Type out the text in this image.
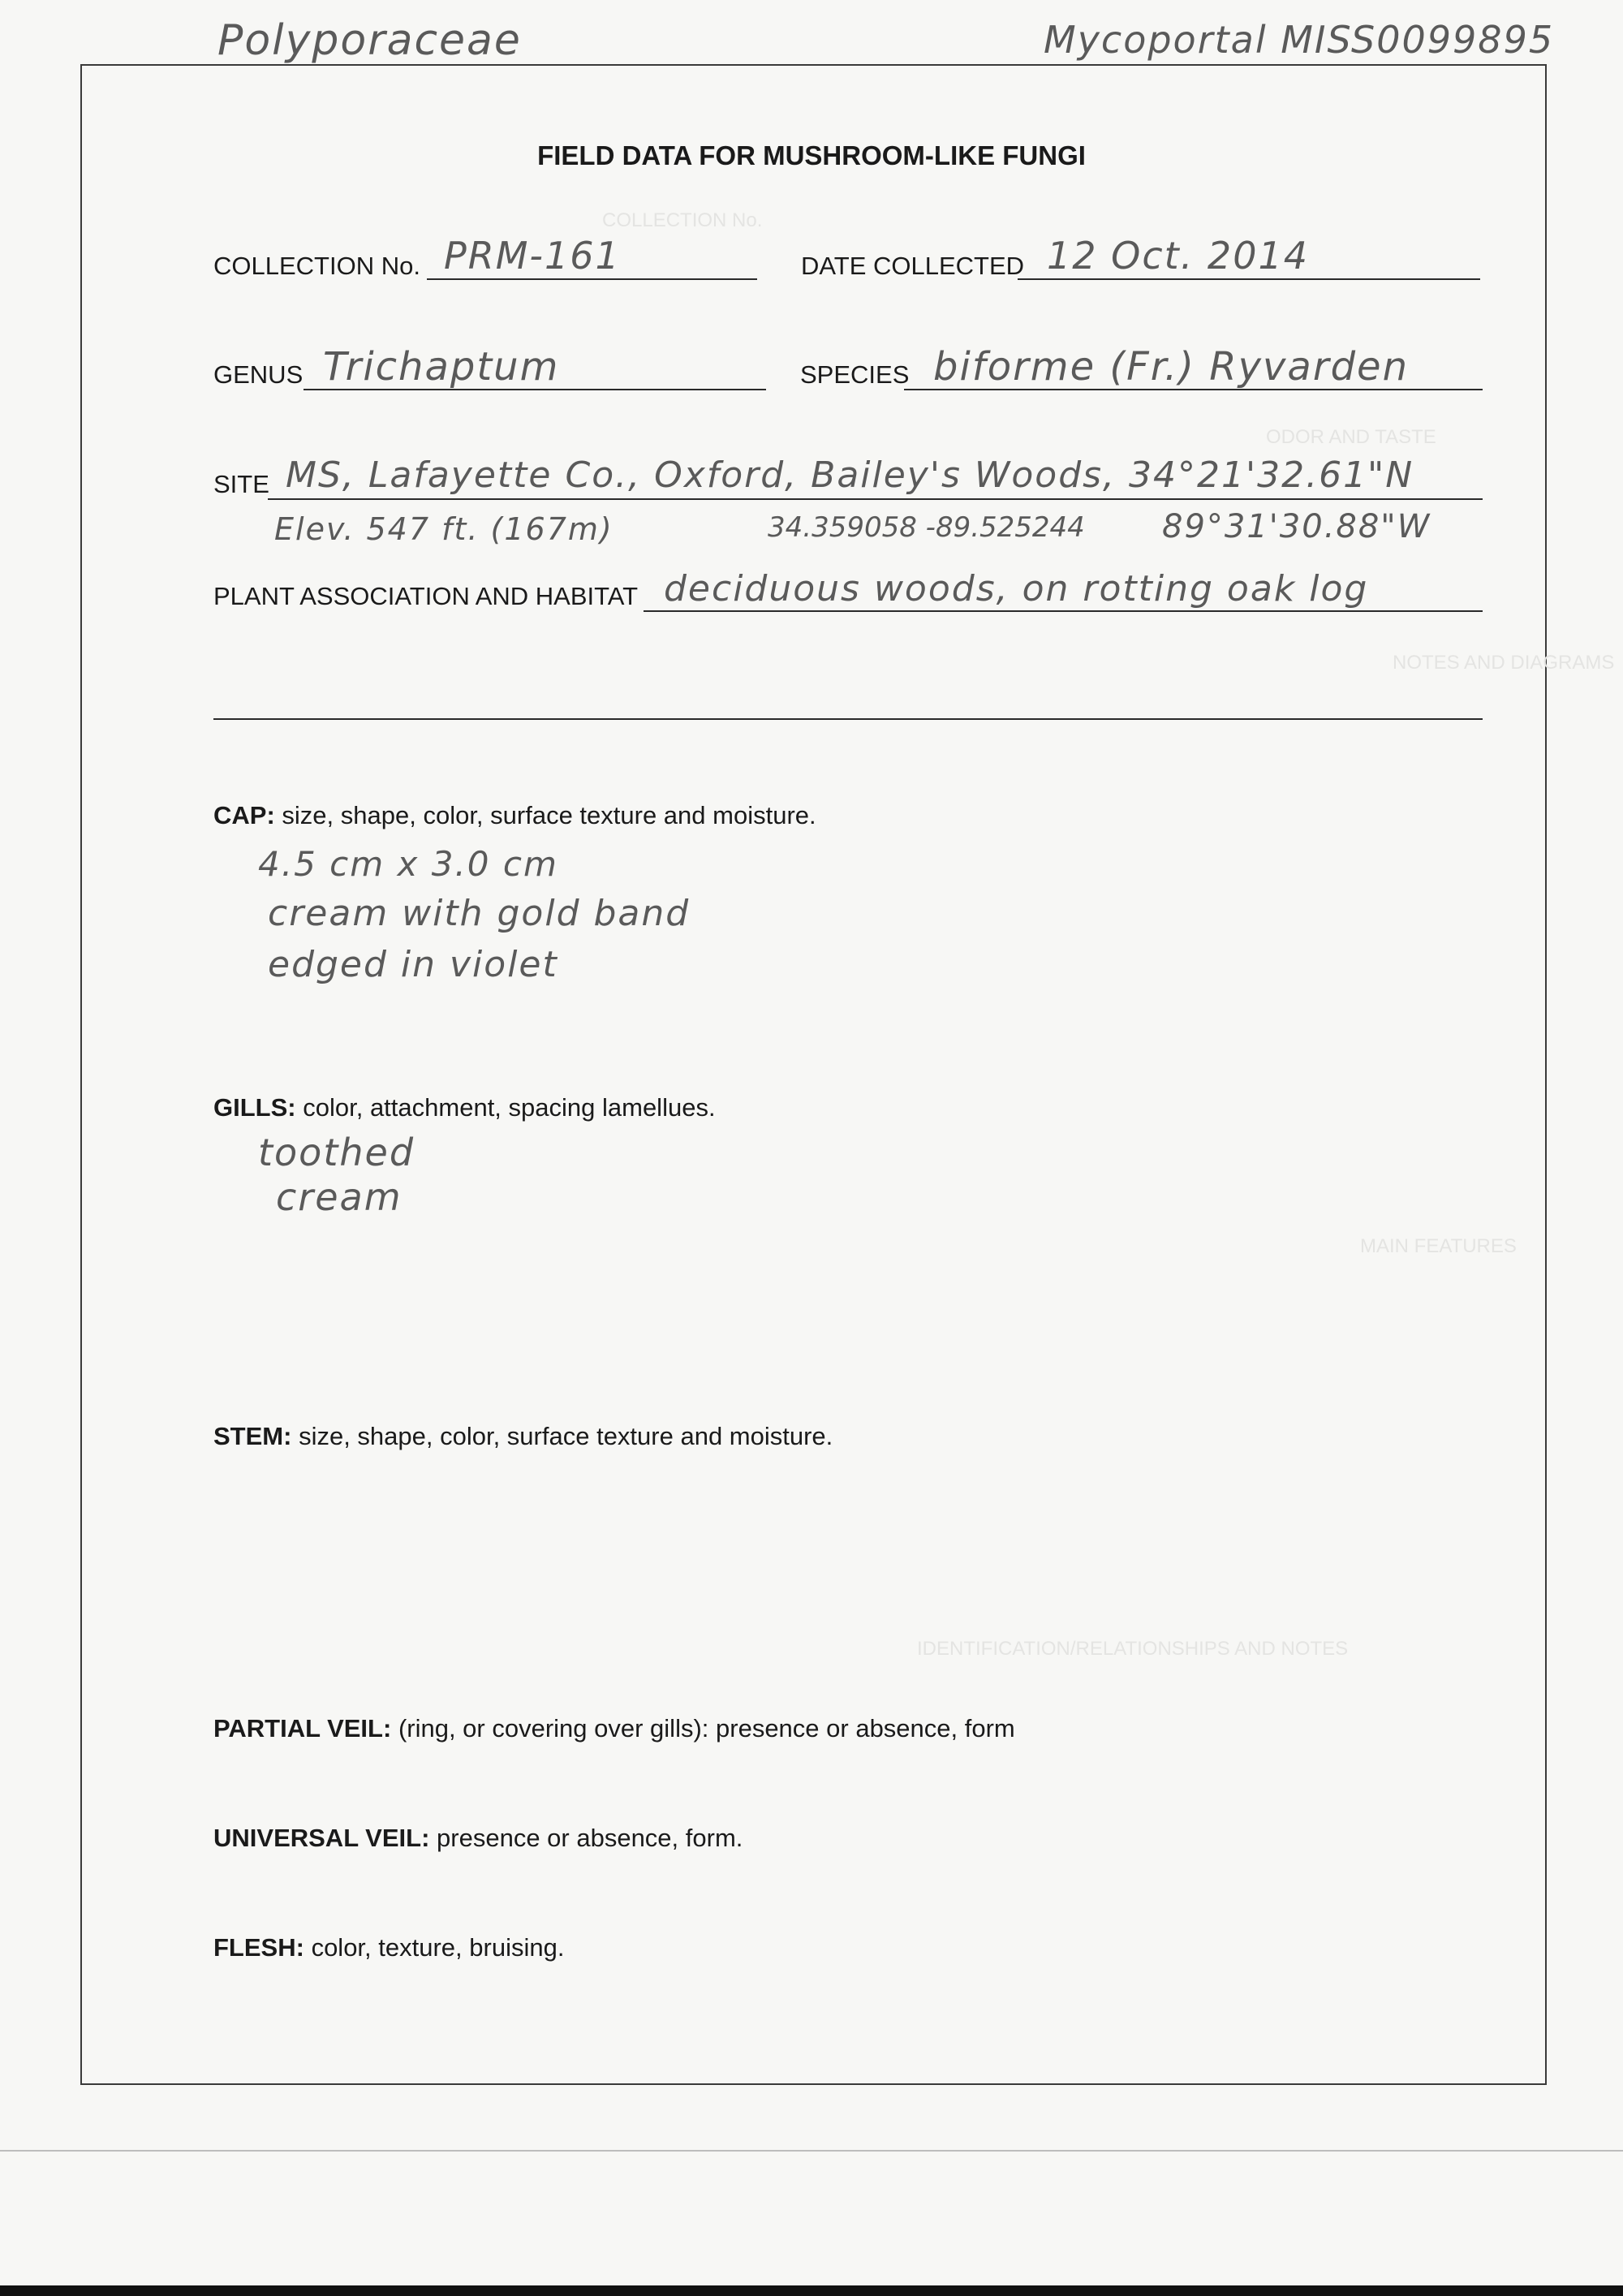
COLLECTION No.
ODOR AND TASTE
NOTES AND DIAGRAMS
MAIN FEATURES
IDENTIFICATION/RELATIONSHIPS AND NOTES
Polyporaceae	Mycoportal MISS0099895
FIELD DATA FOR MUSHROOM-LIKE FUNGI
COLLECTION No. PRM-161	DATE COLLECTED 12 Oct. 2014
GENUS Trichaptum	SPECIES biforme (Fr.) Ryvarden
SITE MS, Lafayette Co., Oxford, Bailey's Woods, 34°21'32.61"N
Elev. 547 ft. (167m)	34.359058 -89.525244 89°31'30.88"W
PLANT ASSOCIATION AND HABITAT deciduous woods, on rotting oak log
CAP: size, shape, color, surface texture and moisture.
4.5 cm x 3.0 cm
cream with gold band
edged in violet
GILLS: color, attachment, spacing lamellues.
toothed
cream
STEM: size, shape, color, surface texture and moisture.
PARTIAL VEIL: (ring, or covering over gills): presence or absence, form
UNIVERSAL VEIL: presence or absence, form.
FLESH: color, texture, bruising.
